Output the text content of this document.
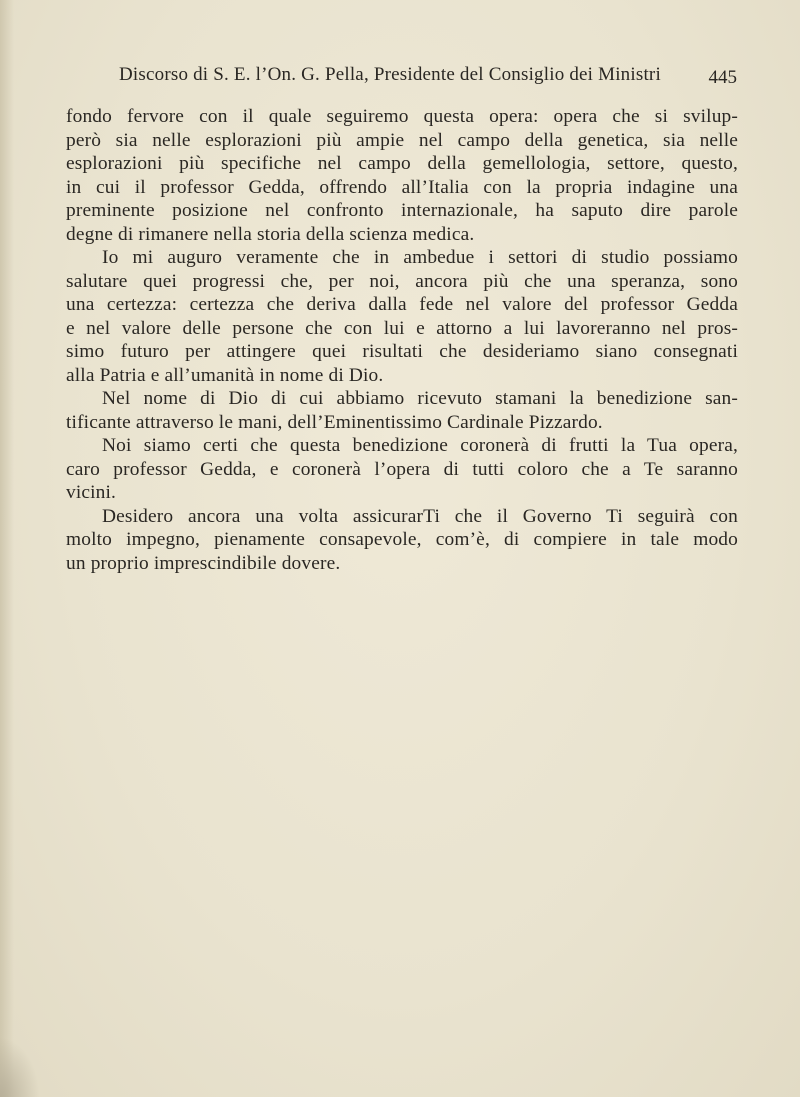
Discorso di S. E. l’On. G. Pella, Presidente del Consiglio dei Ministri	445

fondo fervore con il quale seguiremo questa opera: opera che si svilup-
però sia nelle esplorazioni più ampie nel campo della genetica, sia nelle
esplorazioni più specifiche nel campo della gemellologia, settore, questo,
in cui il professor Gedda, offrendo all’Italia con la propria indagine una
preminente posizione nel confronto internazionale, ha saputo dire parole
degne di rimanere nella storia della scienza medica.

Io mi auguro veramente che in ambedue i settori di studio possiamo
salutare quei progressi che, per noi, ancora più che una speranza, sono
una certezza: certezza che deriva dalla fede nel valore del professor Gedda
e nel valore delle persone che con lui e attorno a lui lavoreranno nel pros-
simo futuro per attingere quei risultati che desideriamo siano consegnati
alla Patria e all’umanità in nome di Dio.

Nel nome di Dio di cui abbiamo ricevuto stamani la benedizione san-
tificante attraverso le mani, dell’Eminentissimo Cardinale Pizzardo.

Noi siamo certi che questa benedizione coronerà di frutti la Tua opera,
caro professor Gedda, e coronerà l’opera di tutti coloro che a Te saranno
vicini.

Desidero ancora una volta assicurarTi che il Governo Ti seguirà con
molto impegno, pienamente consapevole, com’è, di compiere in tale modo
un proprio imprescindibile dovere.
